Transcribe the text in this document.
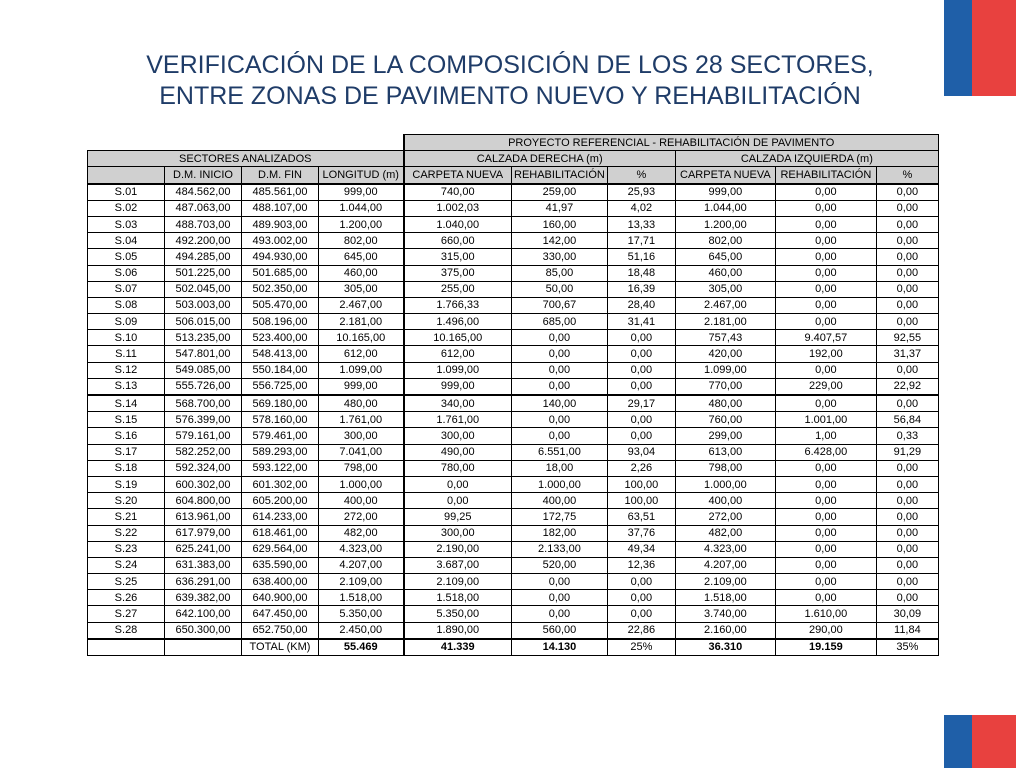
VERIFICACIÓN DE LA COMPOSICIÓN DE LOS 28 SECTORES,
ENTRE ZONAS DE PAVIMENTO NUEVO Y REHABILITACIÓN
				PROYECTO REFERENCIAL - REHABILITACIÓN DE PAVIMENTO					
SECTORES ANALIZADOS				CALZADA DERECHA (m)			CALZADA IZQUIERDA (m)		
	D.M. INICIO	D.M. FIN	LONGITUD (m)	CARPETA NUEVA	REHABILITACIÓN	%	CARPETA NUEVA	REHABILITACIÓN	%
S.01	484.562,00	485.561,00	999,00	740,00	259,00	25,93	999,00	0,00	0,00
S.02	487.063,00	488.107,00	1.044,00	1.002,03	41,97	4,02	1.044,00	0,00	0,00
S.03	488.703,00	489.903,00	1.200,00	1.040,00	160,00	13,33	1.200,00	0,00	0,00
S.04	492.200,00	493.002,00	802,00	660,00	142,00	17,71	802,00	0,00	0,00
S.05	494.285,00	494.930,00	645,00	315,00	330,00	51,16	645,00	0,00	0,00
S.06	501.225,00	501.685,00	460,00	375,00	85,00	18,48	460,00	0,00	0,00
S.07	502.045,00	502.350,00	305,00	255,00	50,00	16,39	305,00	0,00	0,00
S.08	503.003,00	505.470,00	2.467,00	1.766,33	700,67	28,40	2.467,00	0,00	0,00
S.09	506.015,00	508.196,00	2.181,00	1.496,00	685,00	31,41	2.181,00	0,00	0,00
S.10	513.235,00	523.400,00	10.165,00	10.165,00	0,00	0,00	757,43	9.407,57	92,55
S.11	547.801,00	548.413,00	612,00	612,00	0,00	0,00	420,00	192,00	31,37
S.12	549.085,00	550.184,00	1.099,00	1.099,00	0,00	0,00	1.099,00	0,00	0,00
S.13	555.726,00	556.725,00	999,00	999,00	0,00	0,00	770,00	229,00	22,92
S.14	568.700,00	569.180,00	480,00	340,00	140,00	29,17	480,00	0,00	0,00
S.15	576.399,00	578.160,00	1.761,00	1.761,00	0,00	0,00	760,00	1.001,00	56,84
S.16	579.161,00	579.461,00	300,00	300,00	0,00	0,00	299,00	1,00	0,33
S.17	582.252,00	589.293,00	7.041,00	490,00	6.551,00	93,04	613,00	6.428,00	91,29
S.18	592.324,00	593.122,00	798,00	780,00	18,00	2,26	798,00	0,00	0,00
S.19	600.302,00	601.302,00	1.000,00	0,00	1.000,00	100,00	1.000,00	0,00	0,00
S.20	604.800,00	605.200,00	400,00	0,00	400,00	100,00	400,00	0,00	0,00
S.21	613.961,00	614.233,00	272,00	99,25	172,75	63,51	272,00	0,00	0,00
S.22	617.979,00	618.461,00	482,00	300,00	182,00	37,76	482,00	0,00	0,00
S.23	625.241,00	629.564,00	4.323,00	2.190,00	2.133,00	49,34	4.323,00	0,00	0,00
S.24	631.383,00	635.590,00	4.207,00	3.687,00	520,00	12,36	4.207,00	0,00	0,00
S.25	636.291,00	638.400,00	2.109,00	2.109,00	0,00	0,00	2.109,00	0,00	0,00
S.26	639.382,00	640.900,00	1.518,00	1.518,00	0,00	0,00	1.518,00	0,00	0,00
S.27	642.100,00	647.450,00	5.350,00	5.350,00	0,00	0,00	3.740,00	1.610,00	30,09
S.28	650.300,00	652.750,00	2.450,00	1.890,00	560,00	22,86	2.160,00	290,00	11,84
		TOTAL (KM)	55.469	41.339	14.130	25%	36.310	19.159	35%
